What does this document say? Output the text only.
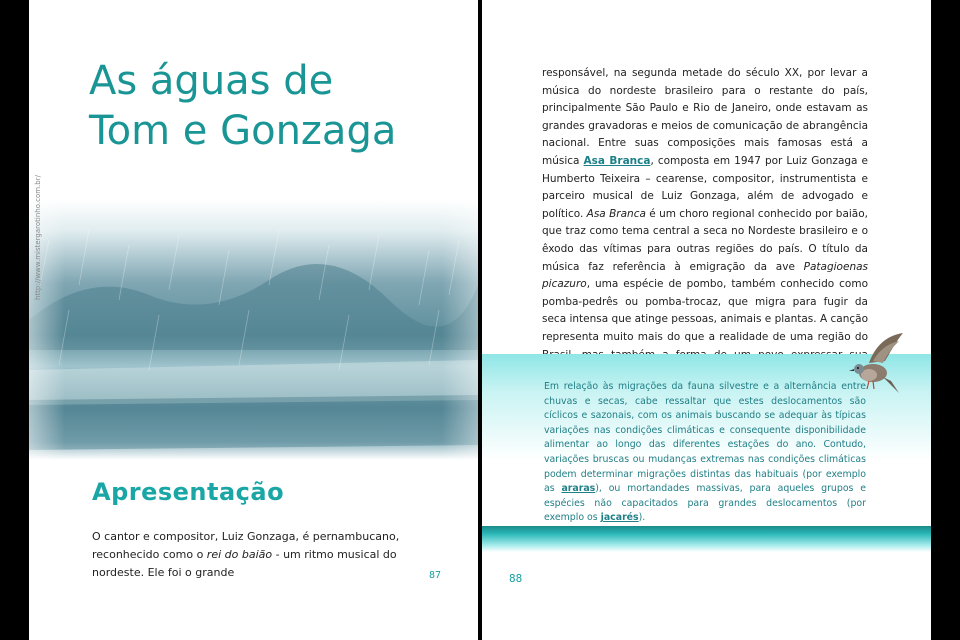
As águas de
Tom e Gonzaga
http://www.mistergarotinho.com.br/
Apresentação

O cantor e compositor, Luiz Gonzaga, é pernambucano, reconhecido como o rei do baião - um ritmo musical do nordeste. Ele foi o grande	87

responsável, na segunda metade do século XX, por levar a música do nordeste brasileiro para o restante do país, principalmente São Paulo e Rio de Janeiro, onde estavam as grandes gravadoras e meios de comunicação de abrangência nacional. Entre suas composições mais famosas está a música Asa Branca, composta em 1947 por Luiz Gonzaga e Humberto Teixeira – cearense, compositor, instrumentista e parceiro musical de Luiz Gonzaga, além de advogado e político. Asa Branca é um choro regional conhecido por baião, que traz como tema central a seca no Nordeste brasileiro e o êxodo das vítimas para outras regiões do país. O título da música faz referência à emigração da ave Patagioenas picazuro, uma espécie de pombo, também conhecido como pomba-pedrês ou pomba-trocaz, que migra para fugir da seca intensa que atinge pessoas, animais e plantas. A canção representa muito mais do que a realidade de uma região do

Em relação às migrações da fauna silvestre e a alternância entre chuvas e secas, cabe ressaltar que estes deslocamentos são cíclicos e sazonais, com os animais buscando se adequar às típicas variações nas condições climáticas e consequente disponibilidade alimentar ao longo das diferentes estações do ano. Contudo, variações bruscas ou mudanças extremas nas condições climáticas podem determinar migrações distintas das habituais (por exemplo as araras), ou mortandades massivas, para aqueles grupos e espécies não capacitados para grandes deslocamentos (por exemplo os jacarés).

88
